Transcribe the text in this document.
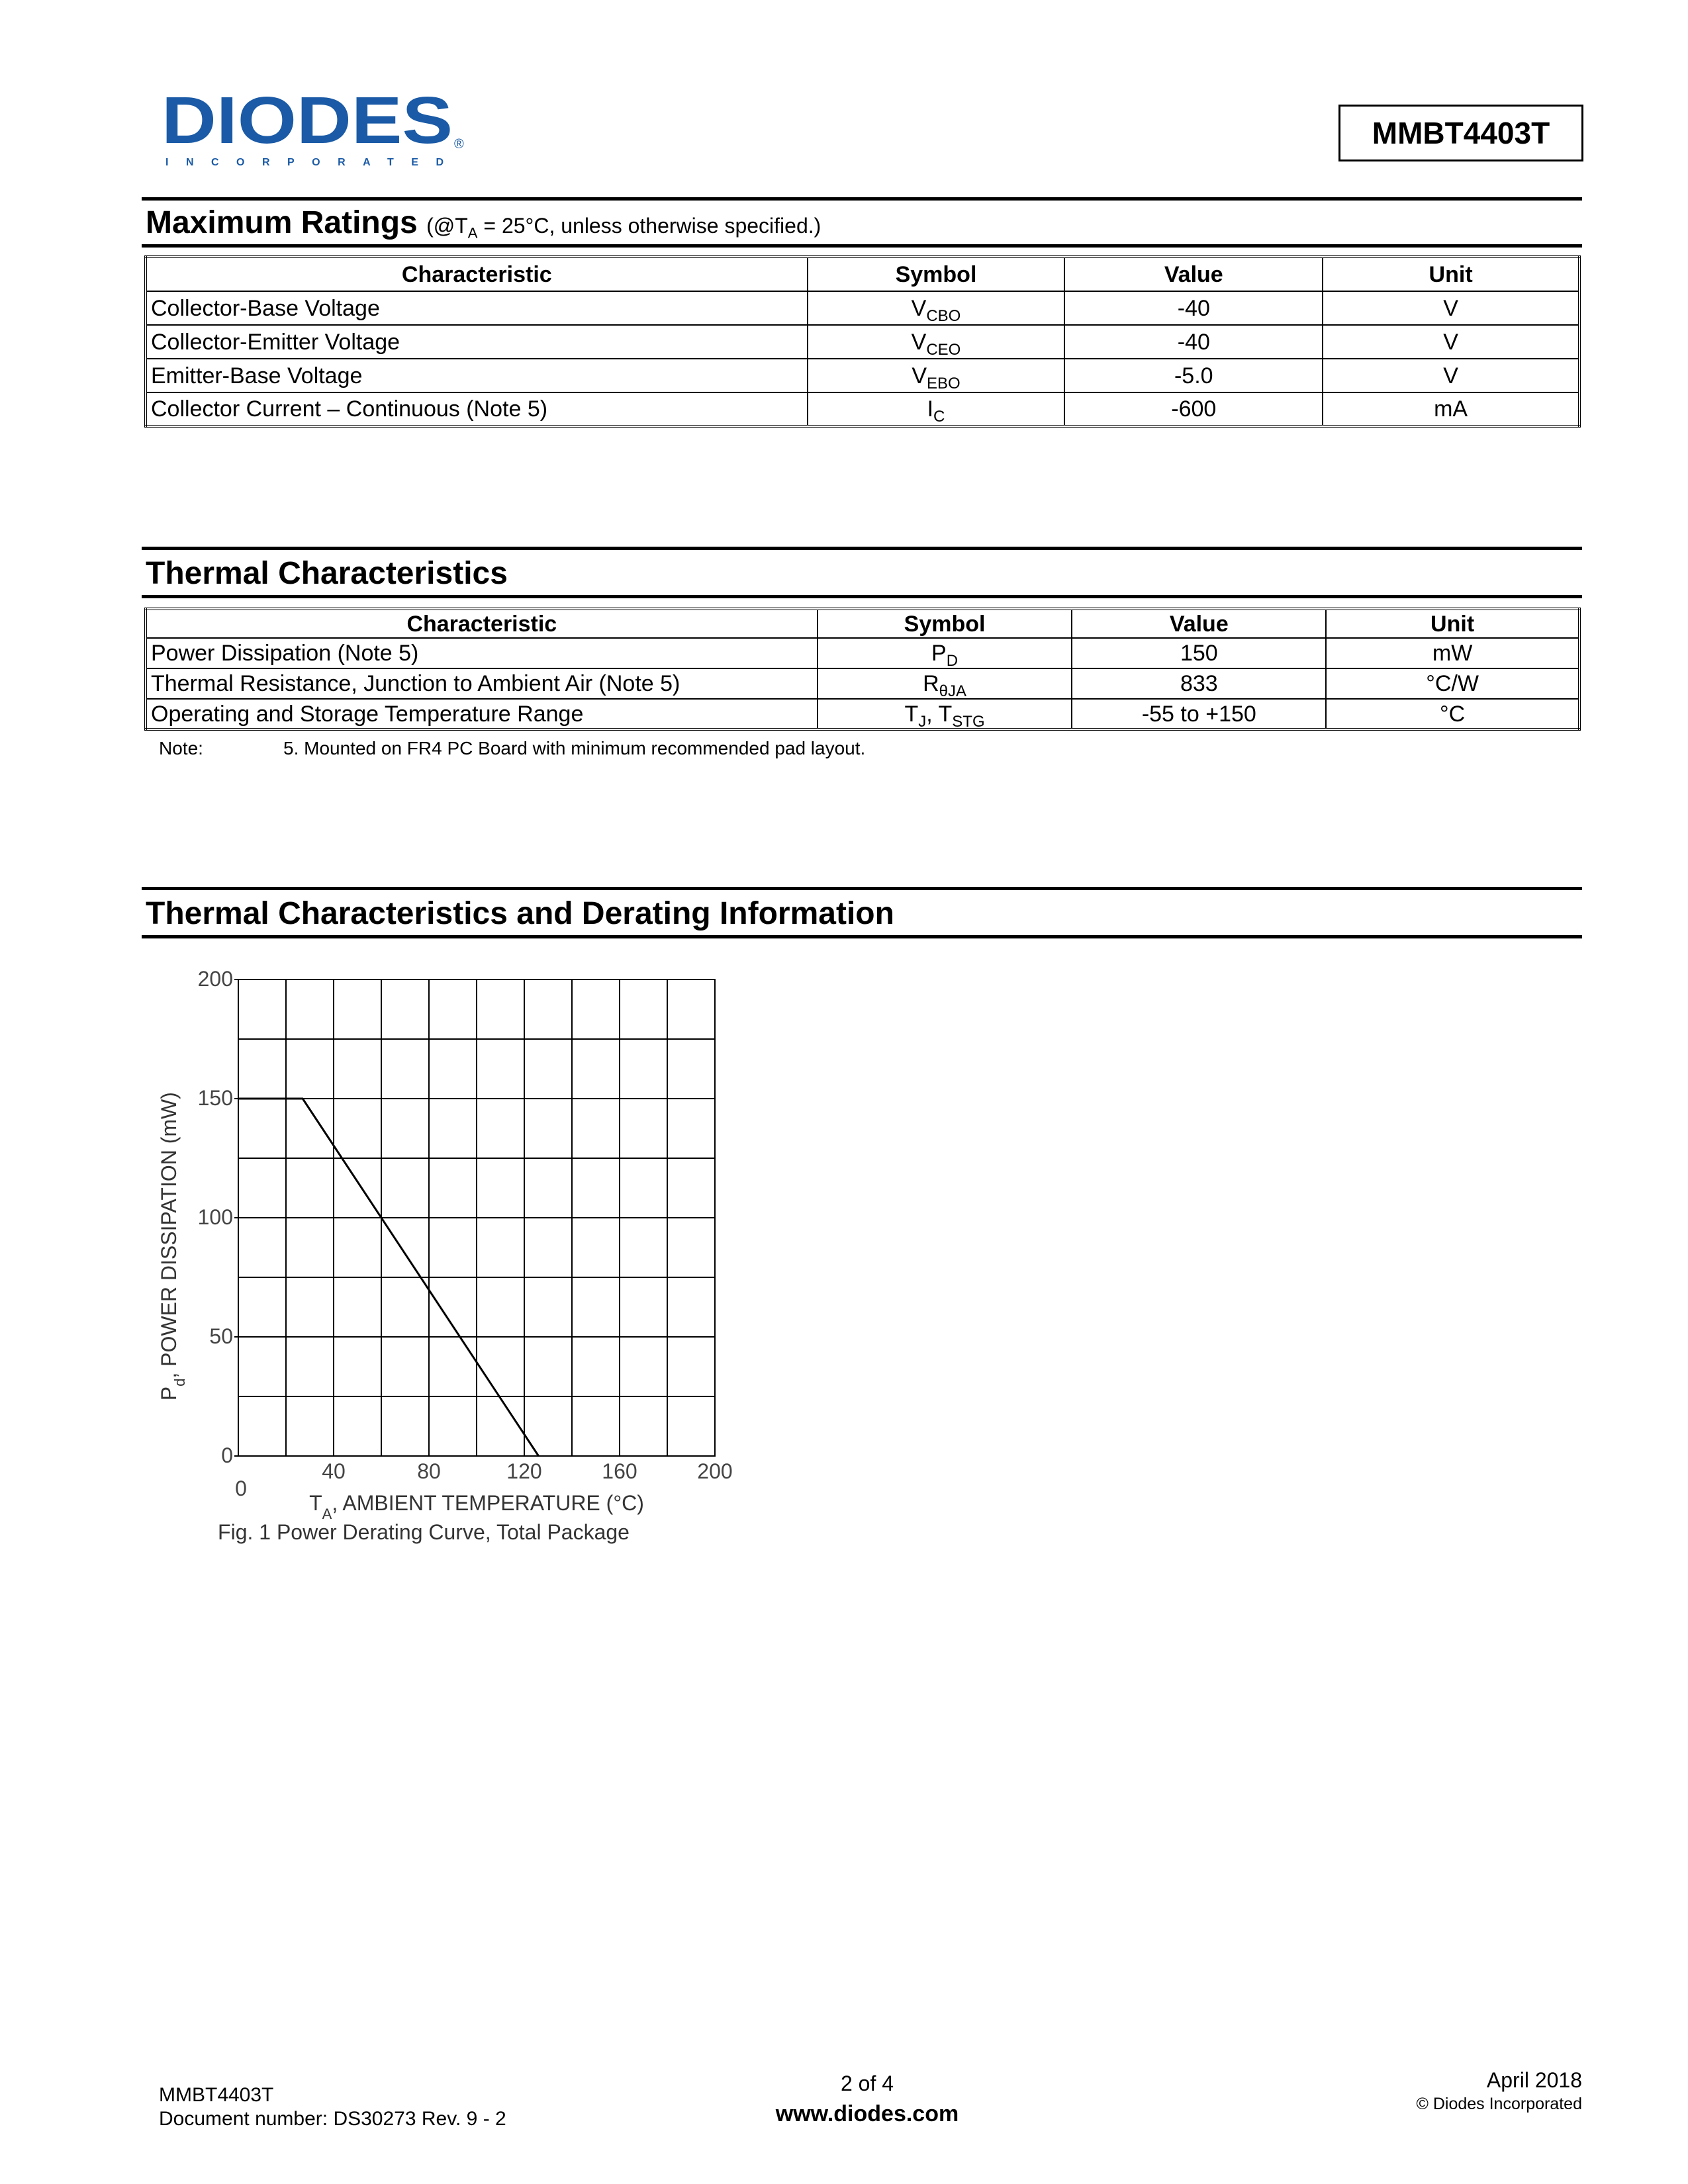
DIODES ®
INCORPORATED
MMBT4403T
Maximum Ratings ($@T_A = 25^\circ C$, unless otherwise specified.)
Characteristic	Symbol	Value	Unit
Collector-Base Voltage	$V_{CBO}$	-40	V
Collector-Emitter Voltage	$V_{CEO}$	-40	V
Emitter-Base Voltage	$V_{EBO}$	-5.0	V
Collector Current – Continuous (Note 5)	$I_C$	-600	mA
Thermal Characteristics
Characteristic	Symbol	Value	Unit
Power Dissipation (Note 5)	$P_D$	150	mW
Thermal Resistance, Junction to Ambient Air (Note 5)	$R_{\theta JA}$	833	°C/W
Operating and Storage Temperature Range	$T_J$, $T_{STG}$	-55 to +150	°C
Note:	5. Mounted on FR4 PC Board with minimum recommended pad layout.
Thermal Characteristics and Derating Information
0
50
100
150
200
0
40	80	120	160	200
$T_A$, AMBIENT TEMPERATURE (°C)
$P_d$, POWER DISSIPATION (mW)
Fig. 1 Power Derating Curve, Total Package
MMBT4403T
Document number: DS30273 Rev. 9 - 2
2 of 4
www.diodes.com
April 2018
© Diodes Incorporated
